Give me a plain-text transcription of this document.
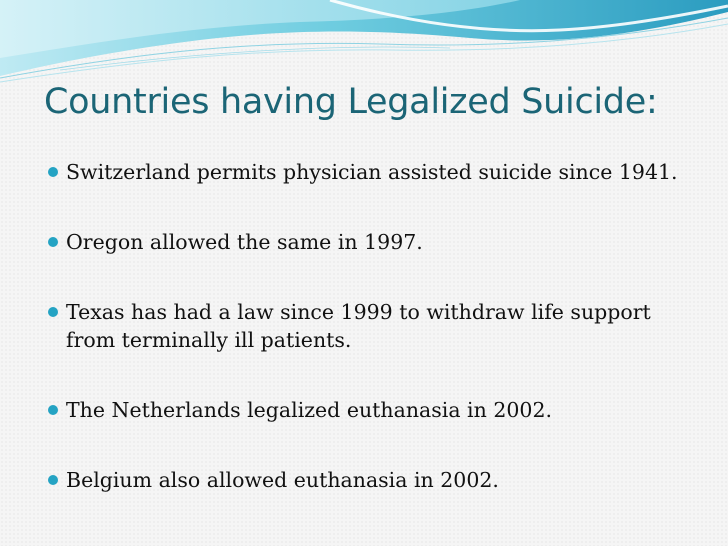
Countries having Legalized Suicide:
Switzerland permits physician assisted suicide since 1941.
Oregon allowed the same in 1997.
Texas has had a law since 1999 to withdraw life support from terminally ill patients.
The Netherlands legalized euthanasia in 2002.
Belgium also allowed euthanasia in 2002.
